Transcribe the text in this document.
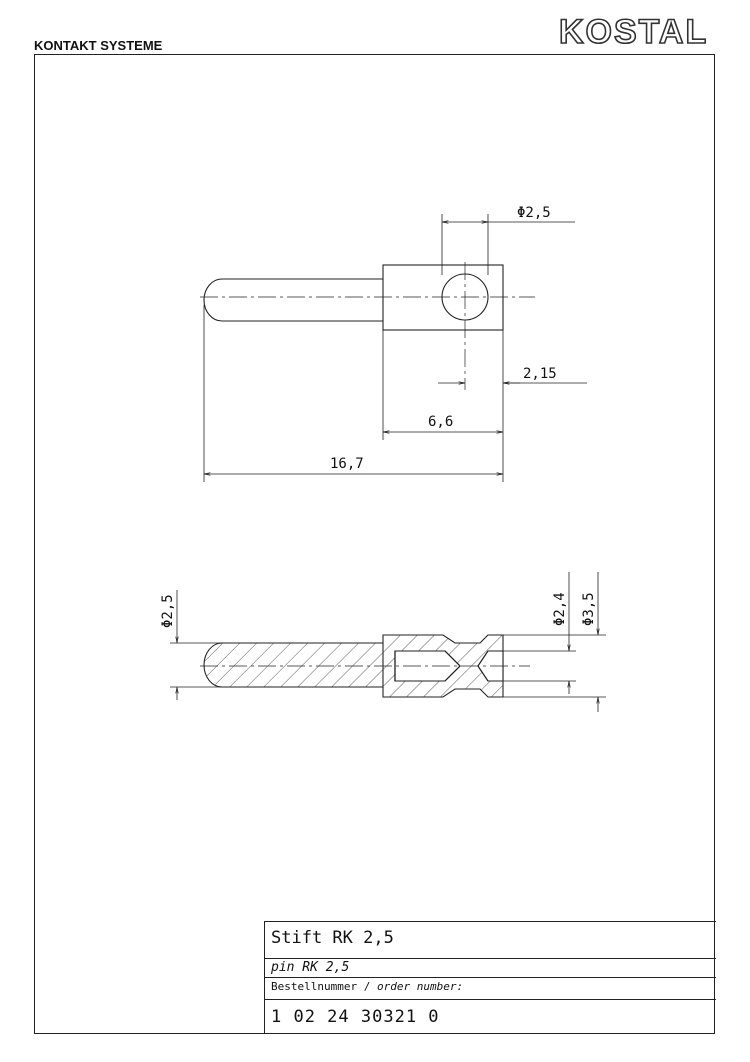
KONTAKT SYSTEME	KOSTAL
Φ2,5
2,15
6,6
16,7
Φ2,5	Φ2,4 Φ3,5
Stift RK 2,5
pin RK 2,5
Bestellnummer / order number:
1 02 24 30321 0
